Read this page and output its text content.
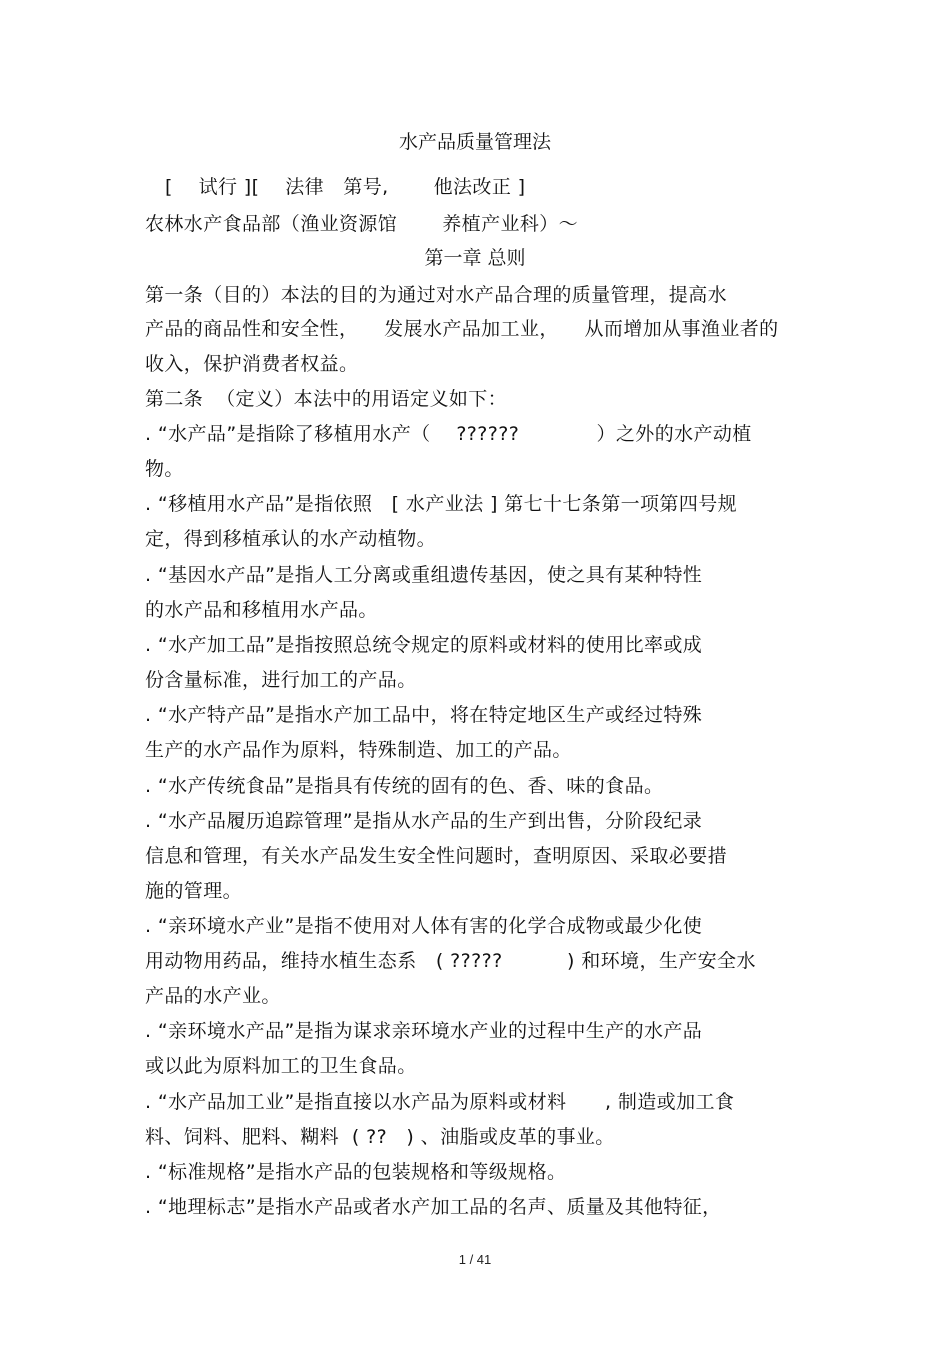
水产品质量管理法
[    试行 ][    法律   第号,       他法改正 ]
农林水产食品部（渔业资源馆       养植产业科）～
第一章 总则
第一条（目的）本法的目的为通过对水产品合理的质量管理，提高水
产品的商品性和安全性，    发展水产品加工业，    从而增加从事渔业者的
收入，保护消费者权益。
第二条  （定义）本法中的用语定义如下：
. “水产品”是指除了移植用水产（    ??????            ）之外的水产动植
物。
. “移植用水产品”是指依照   [ 水产业法 ] 第七十七条第一项第四号规
定，得到移植承认的水产动植物。
. “基因水产品”是指人工分离或重组遗传基因，使之具有某种特性
的水产品和移植用水产品。
. “水产加工品”是指按照总统令规定的原料或材料的使用比率或成
份含量标准，进行加工的产品。
. “水产特产品”是指水产加工品中，将在特定地区生产或经过特殊
生产的水产品作为原料，特殊制造、加工的产品。
. “水产传统食品”是指具有传统的固有的色、香、味的食品。
. “水产品履历追踪管理”是指从水产品的生产到出售，分阶段纪录
信息和管理，有关水产品发生安全性问题时，查明原因、采取必要措
施的管理。
. “亲环境水产业”是指不使用对人体有害的化学合成物或最少化使
用动物用药品，维持水植生态系   ( ?????          ) 和环境，生产安全水
产品的水产业。
. “亲环境水产品”是指为谋求亲环境水产业的过程中生产的水产品
或以此为原料加工的卫生食品。
. “水产品加工业”是指直接以水产品为原料或材料      , 制造或加工食
料、饲料、肥料、糊料  ( ??   ) 、油脂或皮革的事业。
. “标准规格”是指水产品的包装规格和等级规格。
. “地理标志”是指水产品或者水产加工品的名声、质量及其他特征，
1 / 41
